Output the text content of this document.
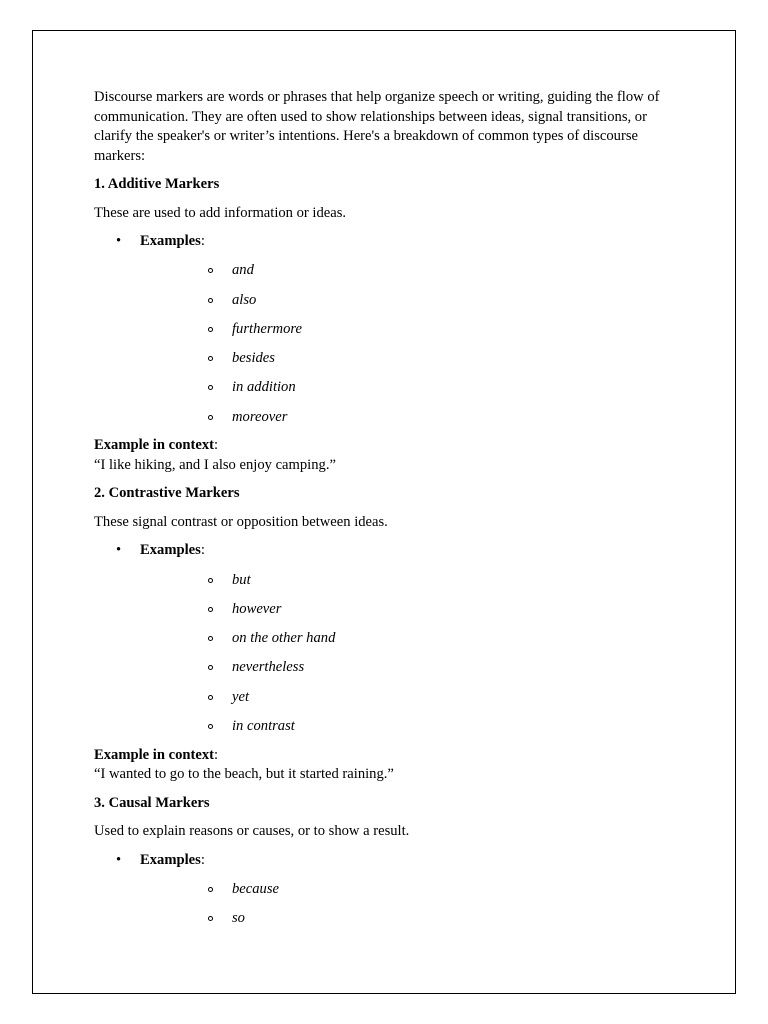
Discourse markers are words or phrases that help organize speech or writing, guiding the flow of communication. They are often used to show relationships between ideas, signal transitions, or clarify the speaker's or writer’s intentions. Here's a breakdown of common types of discourse markers:

1. Additive Markers

These are used to add information or ideas.

• Examples:
and
also
furthermore
besides
in addition
moreover

Example in context:
“I like hiking, and I also enjoy camping.”

2. Contrastive Markers

These signal contrast or opposition between ideas.

• Examples:
but
however
on the other hand
nevertheless
yet
in contrast

Example in context:
“I wanted to go to the beach, but it started raining.”

3. Causal Markers

Used to explain reasons or causes, or to show a result.

• Examples:
because
so
